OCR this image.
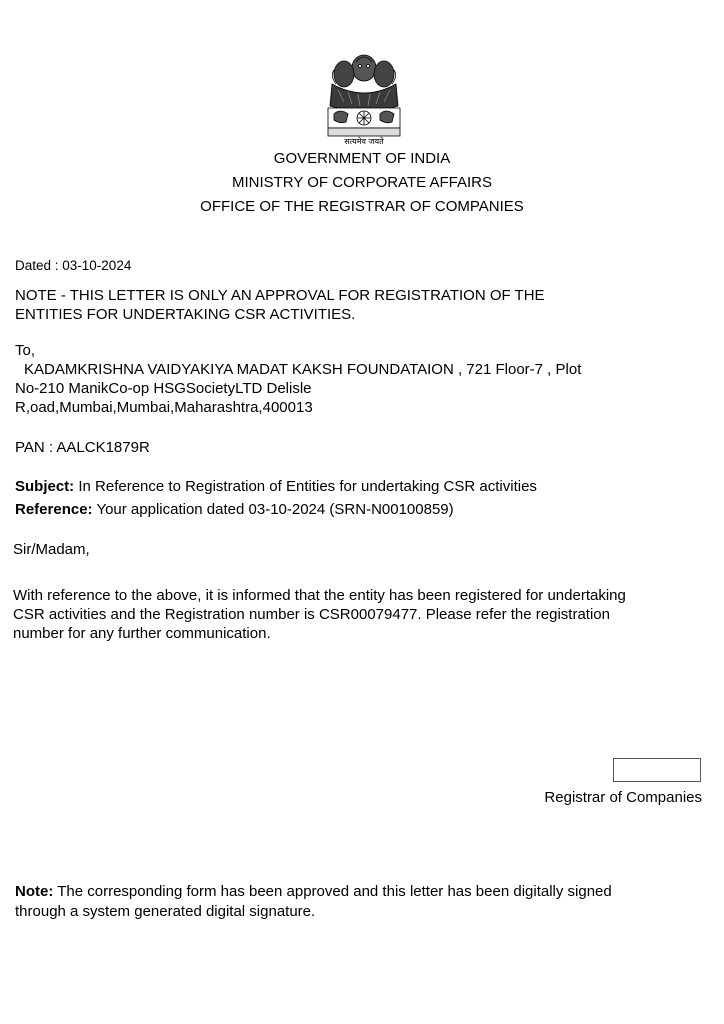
सत्यमेव जयते
GOVERNMENT OF INDIA
MINISTRY OF CORPORATE AFFAIRS
OFFICE OF THE REGISTRAR OF COMPANIES
Dated : 03-10-2024
NOTE - THIS LETTER IS ONLY AN APPROVAL FOR REGISTRATION OF THE
ENTITIES FOR UNDERTAKING CSR ACTIVITIES.
To,
KADAMKRISHNA VAIDYAKIYA MADAT KAKSH FOUNDATAION , 721 Floor-7 , Plot
No-210 ManikCo-op HSGSocietyLTD Delisle
R,oad,Mumbai,Mumbai,Maharashtra,400013
PAN : AALCK1879R
Subject: In Reference to Registration of Entities for undertaking CSR activities
Reference: Your application dated 03-10-2024 (SRN-N00100859)
Sir/Madam,
With reference to the above, it is informed that the entity has been registered for undertaking
CSR activities and the Registration number is CSR00079477. Please refer the registration
number for any further communication.
Registrar of Companies
Note: The corresponding form has been approved and this letter has been digitally signed
through a system generated digital signature.
